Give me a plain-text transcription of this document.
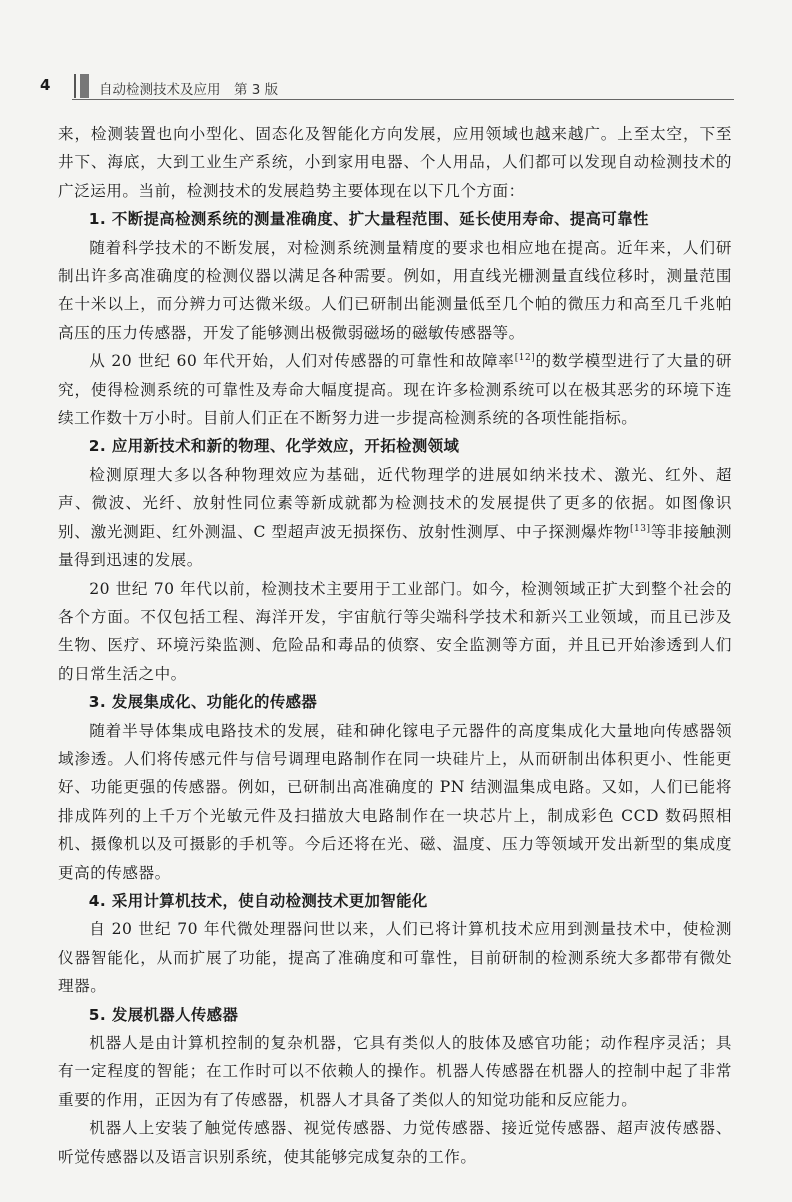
4	自动检测技术及应用　第 3 版

来，检测装置也向小型化、固态化及智能化方向发展，应用领域也越来越广。上至太空，下至井下、海底，大到工业生产系统，小到家用电器、个人用品，人们都可以发现自动检测技术的广泛运用。当前，检测技术的发展趋势主要体现在以下几个方面：

1. 不断提高检测系统的测量准确度、扩大量程范围、延长使用寿命、提高可靠性

随着科学技术的不断发展，对检测系统测量精度的要求也相应地在提高。近年来，人们研制出许多高准确度的检测仪器以满足各种需要。例如，用直线光栅测量直线位移时，测量范围在十米以上，而分辨力可达微米级。人们已研制出能测量低至几个帕的微压力和高至几千兆帕高压的压力传感器，开发了能够测出极微弱磁场的磁敏传感器等。

从 20 世纪 60 年代开始，人们对传感器的可靠性和故障率[12]的数学模型进行了大量的研究，使得检测系统的可靠性及寿命大幅度提高。现在许多检测系统可以在极其恶劣的环境下连续工作数十万小时。目前人们正在不断努力进一步提高检测系统的各项性能指标。

2. 应用新技术和新的物理、化学效应，开拓检测领域

检测原理大多以各种物理效应为基础，近代物理学的进展如纳米技术、激光、红外、超声、微波、光纤、放射性同位素等新成就都为检测技术的发展提供了更多的依据。如图像识别、激光测距、红外测温、C 型超声波无损探伤、放射性测厚、中子探测爆炸物[13]等非接触测量得到迅速的发展。

20 世纪 70 年代以前，检测技术主要用于工业部门。如今，检测领域正扩大到整个社会的各个方面。不仅包括工程、海洋开发，宇宙航行等尖端科学技术和新兴工业领域，而且已涉及生物、医疗、环境污染监测、危险品和毒品的侦察、安全监测等方面，并且已开始渗透到人们的日常生活之中。

3. 发展集成化、功能化的传感器

随着半导体集成电路技术的发展，硅和砷化镓电子元器件的高度集成化大量地向传感器领域渗透。人们将传感元件与信号调理电路制作在同一块硅片上，从而研制出体积更小、性能更好、功能更强的传感器。例如，已研制出高准确度的 PN 结测温集成电路。又如，人们已能将排成阵列的上千万个光敏元件及扫描放大电路制作在一块芯片上，制成彩色 CCD 数码照相机、摄像机以及可摄影的手机等。今后还将在光、磁、温度、压力等领域开发出新型的集成度更高的传感器。

4. 采用计算机技术，使自动检测技术更加智能化

自 20 世纪 70 年代微处理器问世以来，人们已将计算机技术应用到测量技术中，使检测仪器智能化，从而扩展了功能，提高了准确度和可靠性，目前研制的检测系统大多都带有微处理器。

5. 发展机器人传感器

机器人是由计算机控制的复杂机器，它具有类似人的肢体及感官功能；动作程序灵活；具有一定程度的智能；在工作时可以不依赖人的操作。机器人传感器在机器人的控制中起了非常重要的作用，正因为有了传感器，机器人才具备了类似人的知觉功能和反应能力。

机器人上安装了触觉传感器、视觉传感器、力觉传感器、接近觉传感器、超声波传感器、听觉传感器以及语言识别系统，使其能够完成复杂的工作。
